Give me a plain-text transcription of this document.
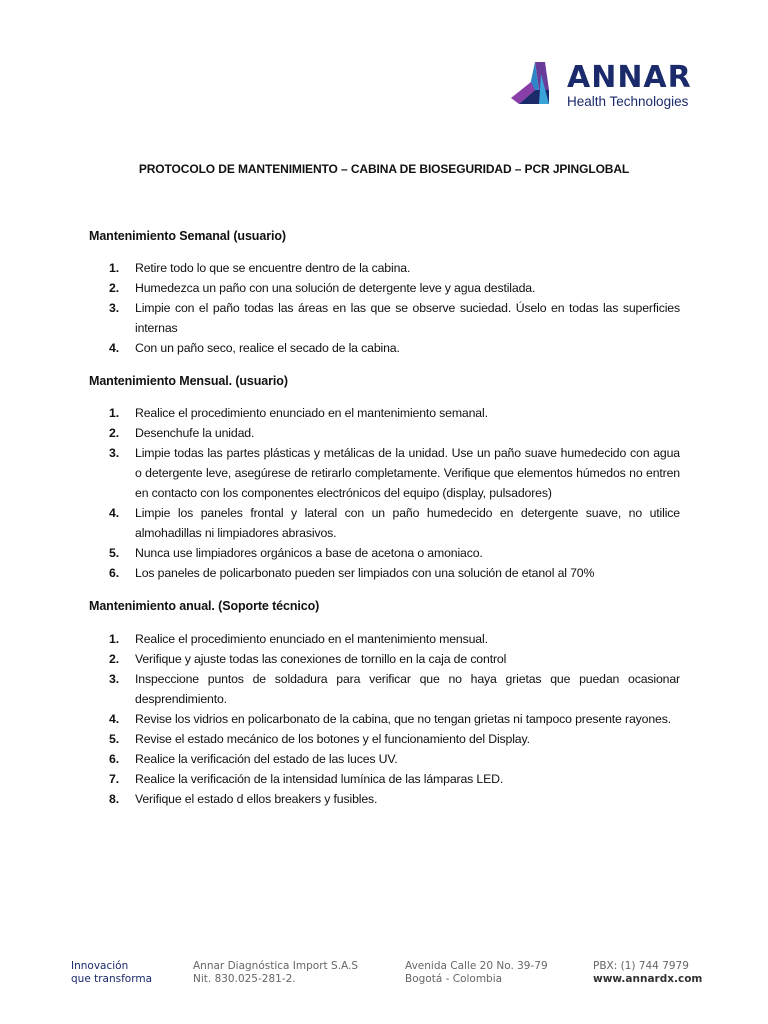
ANNAR
Health Technologies
PROTOCOLO DE MANTENIMIENTO – CABINA DE BIOSEGURIDAD – PCR JPINGLOBAL
Mantenimiento Semanal (usuario)
1.	Retire todo lo que se encuentre dentro de la cabina.
2.	Humedezca un paño con una solución de detergente leve y agua destilada.
3.	Limpie con el paño todas las áreas en las que se observe suciedad. Úselo en todas las superficies internas
4.	Con un paño seco, realice el secado de la cabina.
Mantenimiento Mensual. (usuario)
1.	Realice el procedimiento enunciado en el mantenimiento semanal.
2.	Desenchufe la unidad.
3.	Limpie todas las partes plásticas y metálicas de la unidad. Use un paño suave humedecido con agua o detergente leve, asegúrese de retirarlo completamente. Verifique que elementos húmedos no entren en contacto con los componentes electrónicos del equipo (display, pulsadores)
4.	Limpie los paneles frontal y lateral con un paño humedecido en detergente suave, no utilice almohadillas ni limpiadores abrasivos.
5.	Nunca use limpiadores orgánicos a base de acetona o amoniaco.
6.	Los paneles de policarbonato pueden ser limpiados con una solución de etanol al 70%
Mantenimiento anual. (Soporte técnico)
1.	Realice el procedimiento enunciado en el mantenimiento mensual.
2.	Verifique y ajuste todas las conexiones de tornillo en la caja de control
3.	Inspeccione puntos de soldadura para verificar que no haya grietas que puedan ocasionar desprendimiento.
4.	Revise los vidrios en policarbonato de la cabina, que no tengan grietas ni tampoco presente rayones.
5.	Revise el estado mecánico de los botones y el funcionamiento del Display.
6.	Realice la verificación del estado de las luces UV.
7.	Realice la verificación de la intensidad lumínica de las lámparas LED.
8.	Verifique el estado d ellos breakers y fusibles.
Innovación
que transforma
Annar Diagnóstica Import S.A.S
Nit. 830.025-281-2.
Avenida Calle 20 No. 39-79
Bogotá - Colombia
PBX: (1) 744 7979
www.annardx.com
